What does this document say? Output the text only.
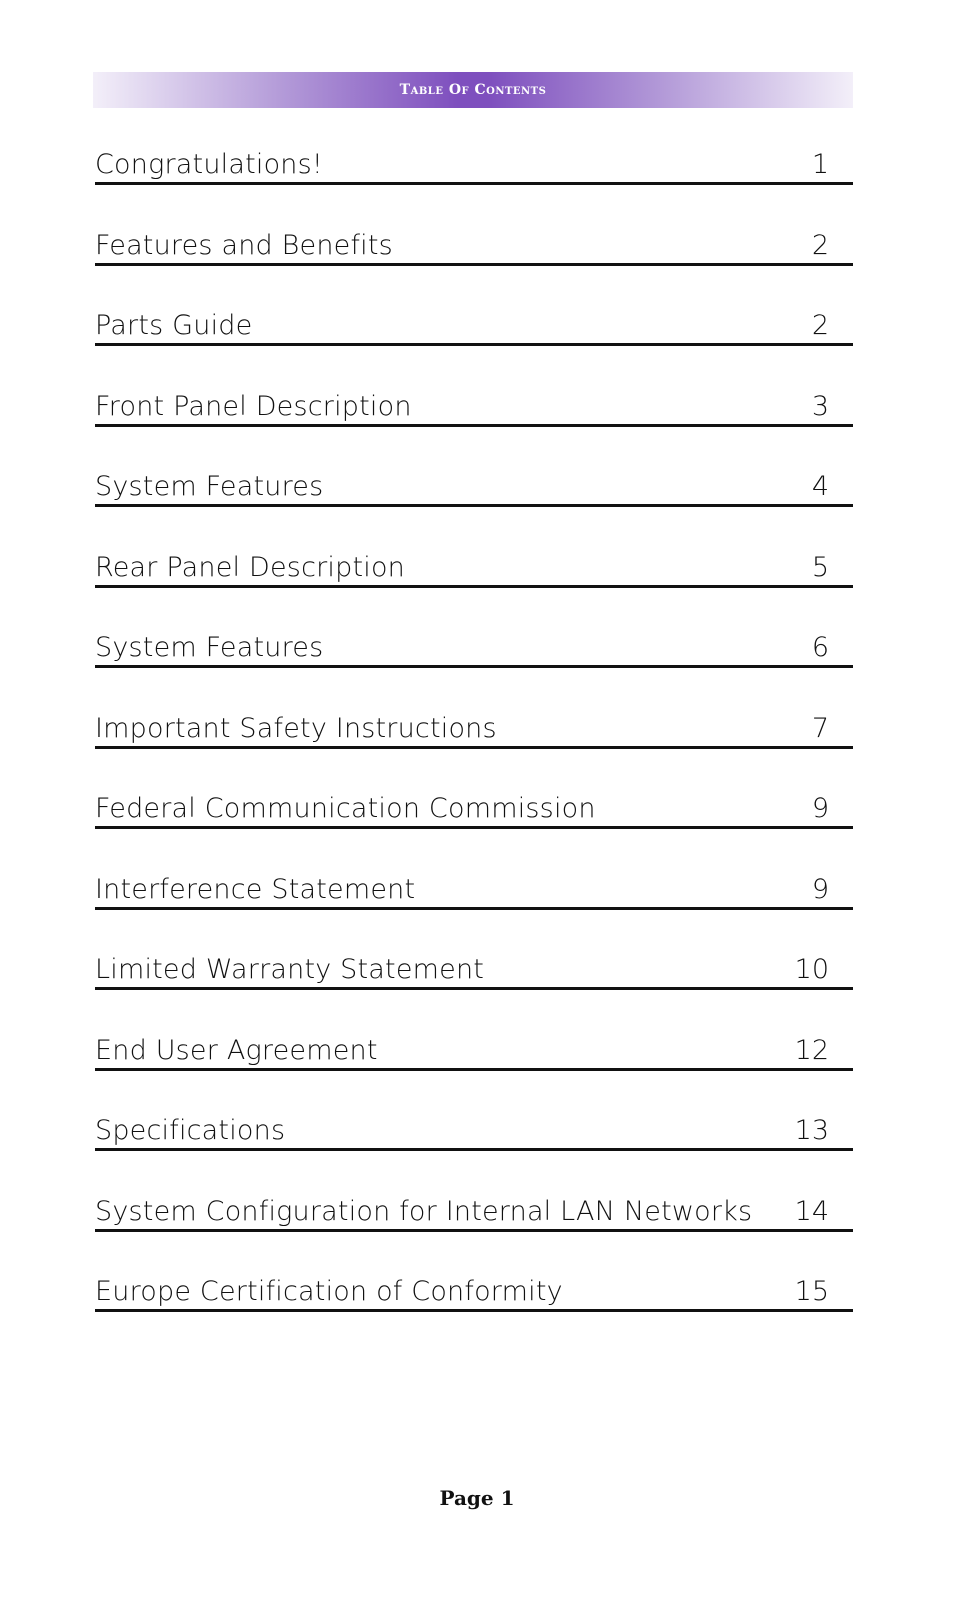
Table Of Contents
Congratulations!	1
Features and Benefits	2
Parts Guide	2
Front Panel Description	3
System Features	4
Rear Panel Description	5
System Features	6
Important Safety Instructions	7
Federal Communication Commission	9
Interference Statement	9
Limited Warranty Statement	10
End User Agreement	12
Specifications	13
System Configuration for Internal LAN Networks	14
Europe Certification of Conformity	15
Page 1
